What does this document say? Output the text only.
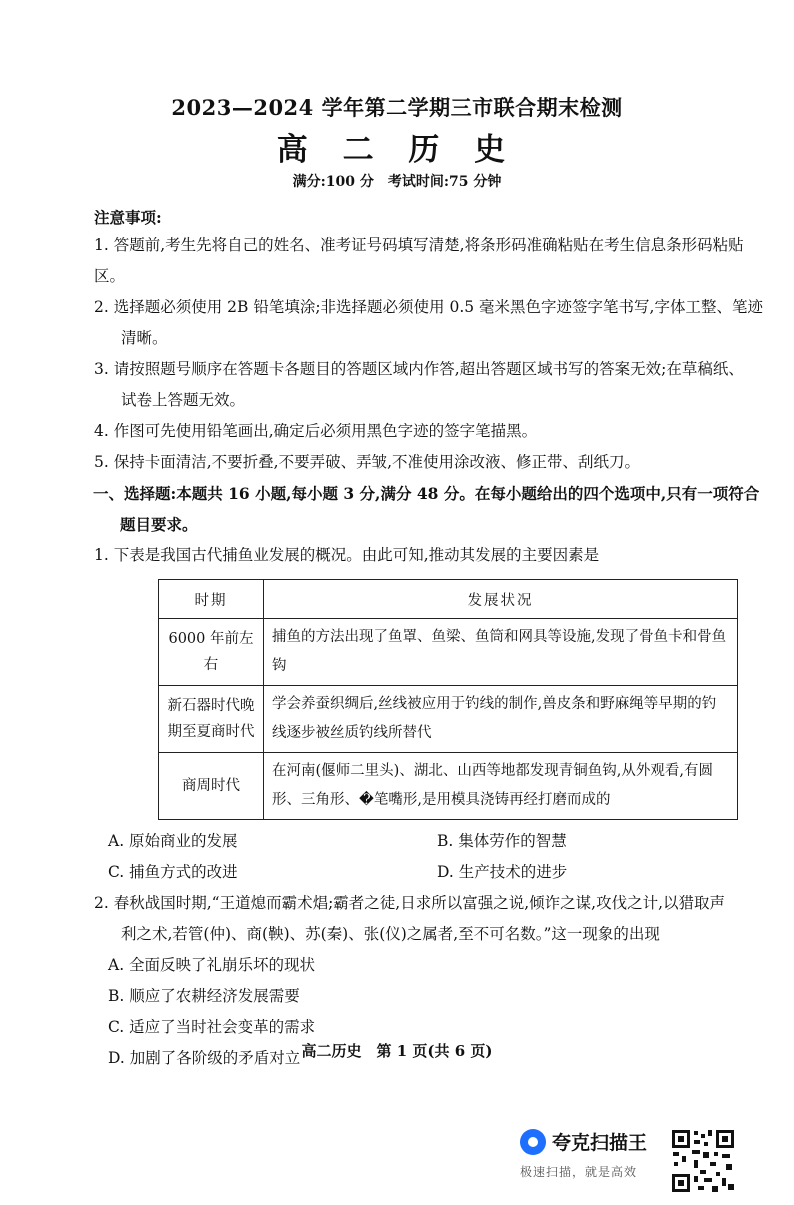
2023—2024 学年第二学期三市联合期末检测
高 二 历 史
满分:100 分　考试时间:75 分钟
注意事项:
1. 答题前,考生先将自己的姓名、准考证号码填写清楚,将条形码准确粘贴在考生信息条形码粘贴区。
2. 选择题必须使用 2B 铅笔填涂;非选择题必须使用 0.5 毫米黑色字迹签字笔书写,字体工整、笔迹
清晰。
3. 请按照题号顺序在答题卡各题目的答题区域内作答,超出答题区域书写的答案无效;在草稿纸、
试卷上答题无效。
4. 作图可先使用铅笔画出,确定后必须用黑色字迹的签字笔描黑。
5. 保持卡面清洁,不要折叠,不要弄破、弄皱,不准使用涂改液、修正带、刮纸刀。
一、选择题:本题共 16 小题,每小题 3 分,满分 48 分。在每小题给出的四个选项中,只有一项符合
题目要求。
1. 下表是我国古代捕鱼业发展的概况。由此可知,推动其发展的主要因素是
时期	发展状况
6000 年前左右	捕鱼的方法出现了鱼罩、鱼梁、鱼筒和网具等设施,发现了骨鱼卡和骨鱼钩
新石器时代晚期至夏商时代	学会养蚕织绸后,丝线被应用于钓线的制作,兽皮条和野麻绳等早期的钓线逐步被丝质钓线所替代
商周时代	在河南(偃师二里头)、湖北、山西等地都发现青铜鱼钩,从外观看,有圆形、三角形、�笔嘴形,是用模具浇铸再经打磨而成的
A. 原始商业的发展	B. 集体劳作的智慧
C. 捕鱼方式的改进	D. 生产技术的进步
2. 春秋战国时期,“王道熄而霸术焻;霸者之徒,日求所以富强之说,倾诈之谋,攻伐之计,以猎取声
利之术,若管(仲)、商(鞅)、苏(秦)、张(仪)之属者,至不可名数。”这一现象的出现
A. 全面反映了礼崩乐坏的现状
B. 顺应了农耕经济发展需要
C. 适应了当时社会变革的需求
D. 加剧了各阶级的矛盾对立 高二历史　第 1 页(共 6 页)
夸克扫描王
极速扫描，就是高效
